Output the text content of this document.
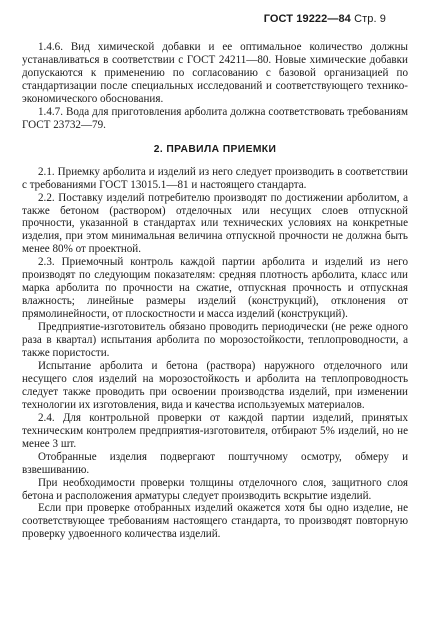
ГОСТ 19222—84 Стр. 9

1.4.6. Вид химической добавки и ее оптимальное количество должны устанавливаться в соответствии с ГОСТ 24211—80. Новые химические добавки допускаются к применению по согласованию с базовой организацией по стандартизации после специальных исследований и соответствующего технико-экономического обоснования.

1.4.7. Вода для приготовления арболита должна соответствовать требованиям ГОСТ 23732—79.

2. ПРАВИЛА ПРИЕМКИ

2.1. Приемку арболита и изделий из него следует производить в соответствии с требованиями ГОСТ 13015.1—81 и настоящего стандарта.

2.2. Поставку изделий потребителю производят по достижении арболитом, а также бетоном (раствором) отделочных или несущих слоев отпускной прочности, указанной в стандартах или технических условиях на конкретные изделия, при этом минимальная величина отпускной прочности не должна быть менее 80% от проектной.

2.3. Приемочный контроль каждой партии арболита и изделий из него производят по следующим показателям: средняя плотность арболита, класс или марка арболита по прочности на сжатие, отпускная прочность и отпускная влажность; линейные размеры изделий (конструкций), отклонения от прямолинейности, от плоскостности и масса изделий (конструкций).

Предприятие-изготовитель обязано проводить периодически (не реже одного раза в квартал) испытания арболита по морозостойкости, теплопроводности, а также пористости.

Испытание арболита и бетона (раствора) наружного отделочного или несущего слоя изделий на морозостойкость и арболита на теплопроводность следует также проводить при освоении производства изделий, при изменении технологии их изготовления, вида и качества используемых материалов.

2.4. Для контрольной проверки от каждой партии изделий, принятых техническим контролем предприятия-изготовителя, отбирают 5% изделий, но не менее 3 шт.

Отобранные изделия подвергают поштучному осмотру, обмеру и взвешиванию.

При необходимости проверки толщины отделочного слоя, защитного слоя бетона и расположения арматуры следует производить вскрытие изделий.

Если при проверке отобранных изделий окажется хотя бы одно изделие, не соответствующее требованиям настоящего стандарта, то производят повторную проверку удвоенного количества изделий.
